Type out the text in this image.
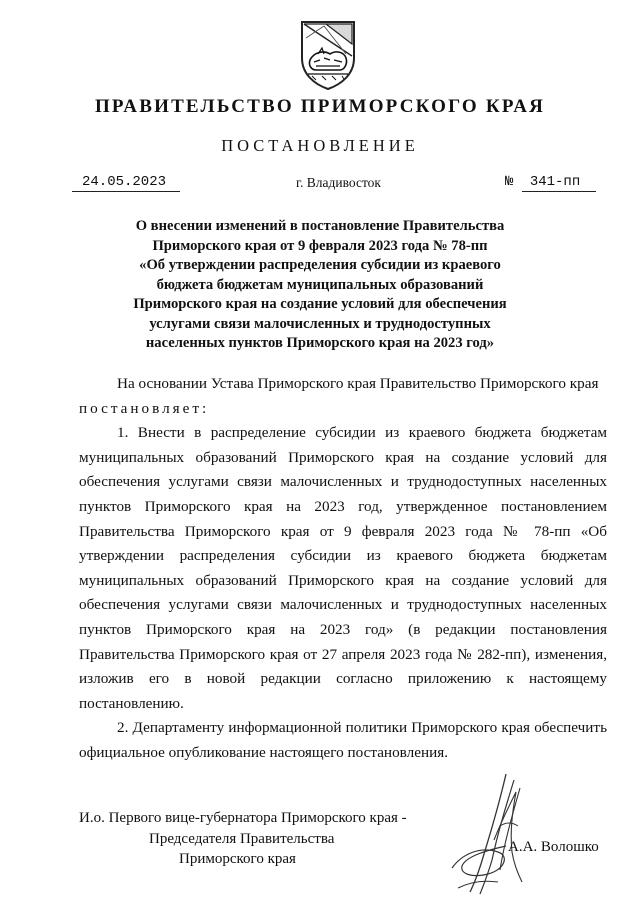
ПРАВИТЕЛЬСТВО ПРИМОРСКОГО КРАЯ
ПОСТАНОВЛЕНИЕ
24.05.2023	г. Владивосток	№ 341-пп
О внесении изменений в постановление Правительства
Приморского края от 9 февраля 2023 года № 78-пп
«Об утверждении распределения субсидии из краевого
бюджета бюджетам муниципальных образований
Приморского края на создание условий для обеспечения
услугами связи малочисленных и труднодоступных
населенных пунктов Приморского края на 2023 год»
На основании Устава Приморского края Правительство Приморского края
постановляет:
1. Внести в распределение субсидии из краевого бюджета бюджетам муниципальных образований Приморского края на создание условий для обеспечения услугами связи малочисленных и труднодоступных населенных пунктов Приморского края на 2023 год, утвержденное постановлением Правительства Приморского края от 9 февраля 2023 года № 78-пп «Об утверждении распределения субсидии из краевого бюджета бюджетам муниципальных образований Приморского края на создание условий для обеспечения услугами связи малочисленных и труднодоступных населенных пунктов Приморского края на 2023 год» (в редакции постановления Правительства Приморского края от 27 апреля 2023 года № 282-пп), изменения, изложив его в новой редакции согласно приложению к настоящему постановлению.
2. Департаменту информационной политики Приморского края обеспечить официальное опубликование настоящего постановления.
И.о. Первого вице-губернатора Приморского края -
Председателя Правительства
Приморского края
А.А. Волошко
